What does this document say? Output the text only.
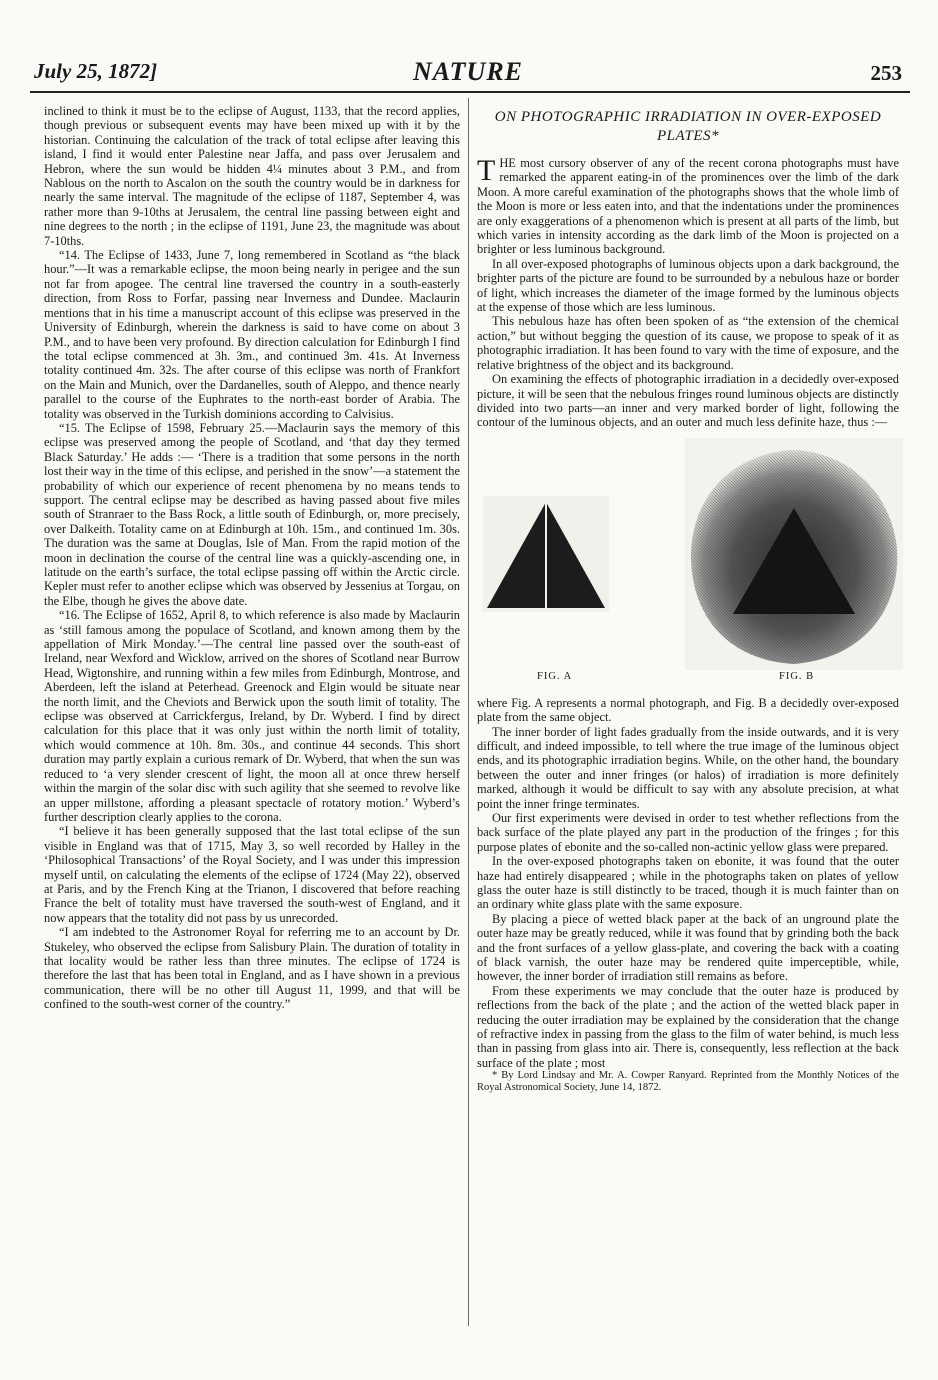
July 25, 1872]	NATURE	253

inclined to think it must be to the eclipse of August, 1133, that the record applies, though previous or subsequent events may have been mixed up with it by the historian. Continuing the calculation of the track of total eclipse after leaving this island, I find it would enter Palestine near Jaffa, and pass over Jerusalem and Hebron, where the sun would be hidden 4¼ minutes about 3 P.M., and from Nablous on the north to Ascalon on the south the country would be in darkness for nearly the same interval. The magnitude of the eclipse of 1187, September 4, was rather more than 9-10ths at Jerusalem, the central line passing between eight and nine degrees to the north ; in the eclipse of 1191, June 23, the magnitude was about 7-10ths.

“14. The Eclipse of 1433, June 7, long remembered in Scotland as “the black hour.”—It was a remarkable eclipse, the moon being nearly in perigee and the sun not far from apogee. The central line traversed the country in a south-easterly direction, from Ross to Forfar, passing near Inverness and Dundee. Maclaurin mentions that in his time a manuscript account of this eclipse was preserved in the University of Edinburgh, wherein the darkness is said to have come on about 3 P.M., and to have been very profound. By direction calculation for Edinburgh I find the total eclipse commenced at 3h. 3m., and continued 3m. 41s. At Inverness totality continued 4m. 32s. The after course of this eclipse was north of Frankfort on the Main and Munich, over the Dardanelles, south of Aleppo, and thence nearly parallel to the course of the Euphrates to the north-east border of Arabia. The totality was observed in the Turkish dominions according to Calvisius.

“15. The Eclipse of 1598, February 25.—Maclaurin says the memory of this eclipse was preserved among the people of Scotland, and ‘that day they termed Black Saturday.’ He adds :— ‘There is a tradition that some persons in the north lost their way in the time of this eclipse, and perished in the snow’—a statement the probability of which our experience of recent phenomena by no means tends to support. The central eclipse may be described as having passed about five miles south of Stranraer to the Bass Rock, a little south of Edinburgh, or, more precisely, over Dalkeith. Totality came on at Edinburgh at 10h. 15m., and continued 1m. 30s. The duration was the same at Douglas, Isle of Man. From the rapid motion of the moon in declination the course of the central line was a quickly-ascending one, in latitude on the earth’s surface, the total eclipse passing off within the Arctic circle. Kepler must refer to another eclipse which was observed by Jessenius at Torgau, on the Elbe, though he gives the above date.

“16. The Eclipse of 1652, April 8, to which reference is also made by Maclaurin as ‘still famous among the populace of Scotland, and known among them by the appellation of Mirk Monday.’—The central line passed over the south-east of Ireland, near Wexford and Wicklow, arrived on the shores of Scotland near Burrow Head, Wigtonshire, and running within a few miles from Edinburgh, Montrose, and Aberdeen, left the island at Peterhead. Greenock and Elgin would be situate near the north limit, and the Cheviots and Berwick upon the south limit of totality. The eclipse was observed at Carrickfergus, Ireland, by Dr. Wyberd. I find by direct calculation for this place that it was only just within the north limit of totality, which would commence at 10h. 8m. 30s., and continue 44 seconds. This short duration may partly explain a curious remark of Dr. Wyberd, that when the sun was reduced to ‘a very slender crescent of light, the moon all at once threw herself within the margin of the solar disc with such agility that she seemed to revolve like an upper millstone, affording a pleasant spectacle of rotatory motion.’ Wyberd’s further description clearly applies to the corona.

“I believe it has been generally supposed that the last total eclipse of the sun visible in England was that of 1715, May 3, so well recorded by Halley in the ‘Philosophical Transactions’ of the Royal Society, and I was under this impression myself until, on calculating the elements of the eclipse of 1724 (May 22), observed at Paris, and by the French King at the Trianon, I discovered that before reaching France the belt of totality must have traversed the south-west of England, and it now appears that the totality did not pass by us unrecorded.

“I am indebted to the Astronomer Royal for referring me to an account by Dr. Stukeley, who observed the eclipse from Salisbury Plain. The duration of totality in that locality would be rather less than three minutes. The eclipse of 1724 is therefore the last that has been total in England, and as I have shown in a previous communication, there will be no other till August 11, 1999, and that will be confined to the south-west corner of the country.”

ON PHOTOGRAPHIC IRRADIATION IN OVER-EXPOSED PLATES*

THE most cursory observer of any of the recent corona photographs must have remarked the apparent eating-in of the prominences over the limb of the dark Moon. A more careful examination of the photographs shows that the whole limb of the Moon is more or less eaten into, and that the indentations under the prominences are only exaggerations of a phenomenon which is present at all parts of the limb, but which varies in intensity according as the dark limb of the Moon is projected on a brighter or less luminous background.

In all over-exposed photographs of luminous objects upon a dark background, the brighter parts of the picture are found to be surrounded by a nebulous haze or border of light, which increases the diameter of the image formed by the luminous objects at the expense of those which are less luminous.

This nebulous haze has often been spoken of as “the extension of the chemical action,” but without begging the question of its cause, we propose to speak of it as photographic irradiation. It has been found to vary with the time of exposure, and the relative brightness of the object and its background.

On examining the effects of photographic irradiation in a decidedly over-exposed picture, it will be seen that the nebulous fringes round luminous objects are distinctly divided into two parts—an inner and very marked border of light, following the contour of the luminous objects, and an outer and much less definite haze, thus :—

FIG. A	FIG. B

where Fig. A represents a normal photograph, and Fig. B a decidedly over-exposed plate from the same object.

The inner border of light fades gradually from the inside outwards, and it is very difficult, and indeed impossible, to tell where the true image of the luminous object ends, and its photographic irradiation begins. While, on the other hand, the boundary between the outer and inner fringes (or halos) of irradiation is more definitely marked, although it would be difficult to say with any absolute precision, at what point the inner fringe terminates.

Our first experiments were devised in order to test whether reflections from the back surface of the plate played any part in the production of the fringes ; for this purpose plates of ebonite and the so-called non-actinic yellow glass were prepared.

In the over-exposed photographs taken on ebonite, it was found that the outer haze had entirely disappeared ; while in the photographs taken on plates of yellow glass the outer haze is still distinctly to be traced, though it is much fainter than on an ordinary white glass plate with the same exposure.

By placing a piece of wetted black paper at the back of an unground plate the outer haze may be greatly reduced, while it was found that by grinding both the back and the front surfaces of a yellow glass-plate, and covering the back with a coating of black varnish, the outer haze may be rendered quite imperceptible, while, however, the inner border of irradiation still remains as before.

From these experiments we may conclude that the outer haze is produced by reflections from the back of the plate ; and the action of the wetted black paper in reducing the outer irradiation may be explained by the consideration that the change of refractive index in passing from the glass to the film of water behind, is much less than in passing from glass into air. There is, consequently, less reflection at the back surface of the plate ; most

* By Lord Lindsay and Mr. A. Cowper Ranyard. Reprinted from the Monthly Notices of the Royal Astronomical Society, June 14, 1872.
